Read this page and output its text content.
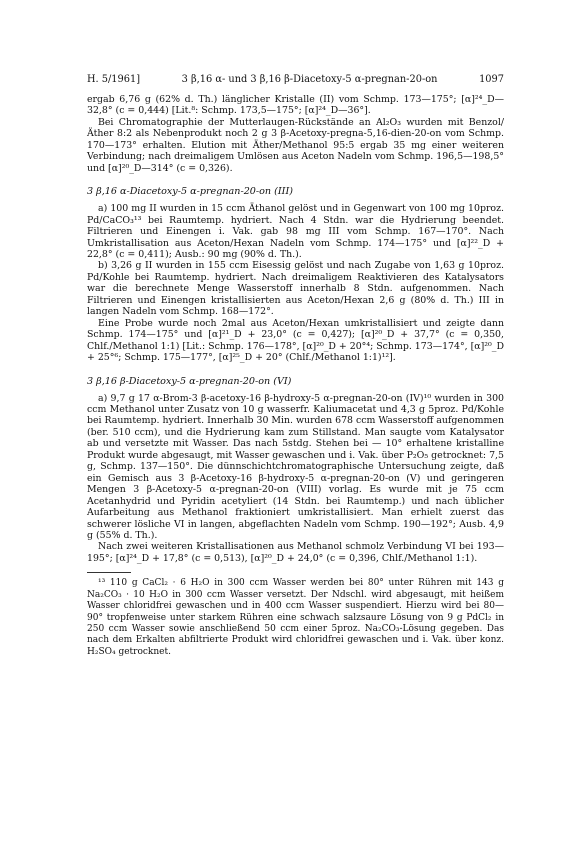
H. 5/1961]	3 β,16 α- und 3 β,16 β-Diacetoxy-5 α-pregnan-20-on	1097

ergab 6,76 g (62% d. Th.) länglicher Kristalle (II) vom Schmp. 173—175°; [α]²⁴_D—32,8° (c = 0,444) [Lit.⁸: Schmp. 173,5—175°; [α]²⁴_D—36°].

Bei Chromatographie der Mutterlaugen-Rückstände an Al₂O₃ wurden mit Benzol/Äther 8:2 als Nebenprodukt noch 2 g 3 β-Acetoxy-pregna-5,16-dien-20-on vom Schmp. 170—173° erhalten. Elution mit Äther/Methanol 95:5 ergab 35 mg einer weiteren Verbindung; nach dreimaligem Umlösen aus Aceton Nadeln vom Schmp. 196,5—198,5° und [α]²⁰_D—314° (c = 0,326).

3 β,16 α-Diacetoxy-5 α-pregnan-20-on (III)

a) 100 mg II wurden in 15 ccm Äthanol gelöst und in Gegenwart von 100 mg 10proz. Pd/CaCO₃¹³ bei Raumtemp. hydriert. Nach 4 Stdn. war die Hydrierung beendet. Filtrieren und Einengen i. Vak. gab 98 mg III vom Schmp. 167—170°. Nach Umkristallisation aus Aceton/Hexan Nadeln vom Schmp. 174—175° und [α]²²_D + 22,8° (c = 0,411); Ausb.: 90 mg (90% d. Th.).

b) 3,26 g II wurden in 155 ccm Eisessig gelöst und nach Zugabe von 1,63 g 10proz. Pd/Kohle bei Raumtemp. hydriert. Nach dreimaligem Reaktivieren des Katalysators war die berechnete Menge Wasserstoff innerhalb 8 Stdn. aufgenommen. Nach Filtrieren und Einengen kristallisierten aus Aceton/Hexan 2,6 g (80% d. Th.) III in langen Nadeln vom Schmp. 168—172°.

Eine Probe wurde noch 2mal aus Aceton/Hexan umkristallisiert und zeigte dann Schmp. 174—175° und [α]²¹_D + 23,0° (c = 0,427); [α]²⁰_D + 37,7° (c = 0,350, Chlf./Methanol 1:1) [Lit.: Schmp. 176—178°, [α]²⁰_D + 20°⁴; Schmp. 173—174°, [α]²⁰_D + 25°⁶; Schmp. 175—177°, [α]²⁵_D + 20° (Chlf./Methanol 1:1)¹²].

3 β,16 β-Diacetoxy-5 α-pregnan-20-on (VI)

a) 9,7 g 17 α-Brom-3 β-acetoxy-16 β-hydroxy-5 α-pregnan-20-on (IV)¹⁰ wurden in 300 ccm Methanol unter Zusatz von 10 g wasserfr. Kaliumacetat und 4,3 g 5proz. Pd/Kohle bei Raumtemp. hydriert. Innerhalb 30 Min. wurden 678 ccm Wasserstoff aufgenommen (ber. 510 ccm), und die Hydrierung kam zum Stillstand. Man saugte vom Katalysator ab und versetzte mit Wasser. Das nach 5stdg. Stehen bei — 10° erhaltene kristalline Produkt wurde abgesaugt, mit Wasser gewaschen und i. Vak. über P₂O₅ getrocknet: 7,5 g, Schmp. 137—150°. Die dünnschichtchromatographische Untersuchung zeigte, daß ein Gemisch aus 3 β-Acetoxy-16 β-hydroxy-5 α-pregnan-20-on (V) und geringeren Mengen 3 β-Acetoxy-5 α-pregnan-20-on (VIII) vorlag. Es wurde mit je 75 ccm Acetanhydrid und Pyridin acetyliert (14 Stdn. bei Raumtemp.) und nach üblicher Aufarbeitung aus Methanol fraktioniert umkristallisiert. Man erhielt zuerst das schwerer lösliche VI in langen, abgeflachten Nadeln vom Schmp. 190—192°; Ausb. 4,9 g (55% d. Th.).

Nach zwei weiteren Kristallisationen aus Methanol schmolz Verbindung VI bei 193—195°; [α]²⁴_D + 17,8° (c = 0,513), [α]²⁰_D + 24,0° (c = 0,396, Chlf./Methanol 1:1).

¹³ 110 g CaCl₂ · 6 H₂O in 300 ccm Wasser werden bei 80° unter Rühren mit 143 g Na₂CO₃ · 10 H₂O in 300 ccm Wasser versetzt. Der Ndschl. wird abgesaugt, mit heißem Wasser chloridfrei gewaschen und in 400 ccm Wasser suspendiert. Hierzu wird bei 80—90° tropfenweise unter starkem Rühren eine schwach salzsaure Lösung von 9 g PdCl₂ in 250 ccm Wasser sowie anschließend 50 ccm einer 5proz. Na₂CO₃-Lösung gegeben. Das nach dem Erkalten abfiltrierte Produkt wird chloridfrei gewaschen und i. Vak. über konz. H₂SO₄ getrocknet.
